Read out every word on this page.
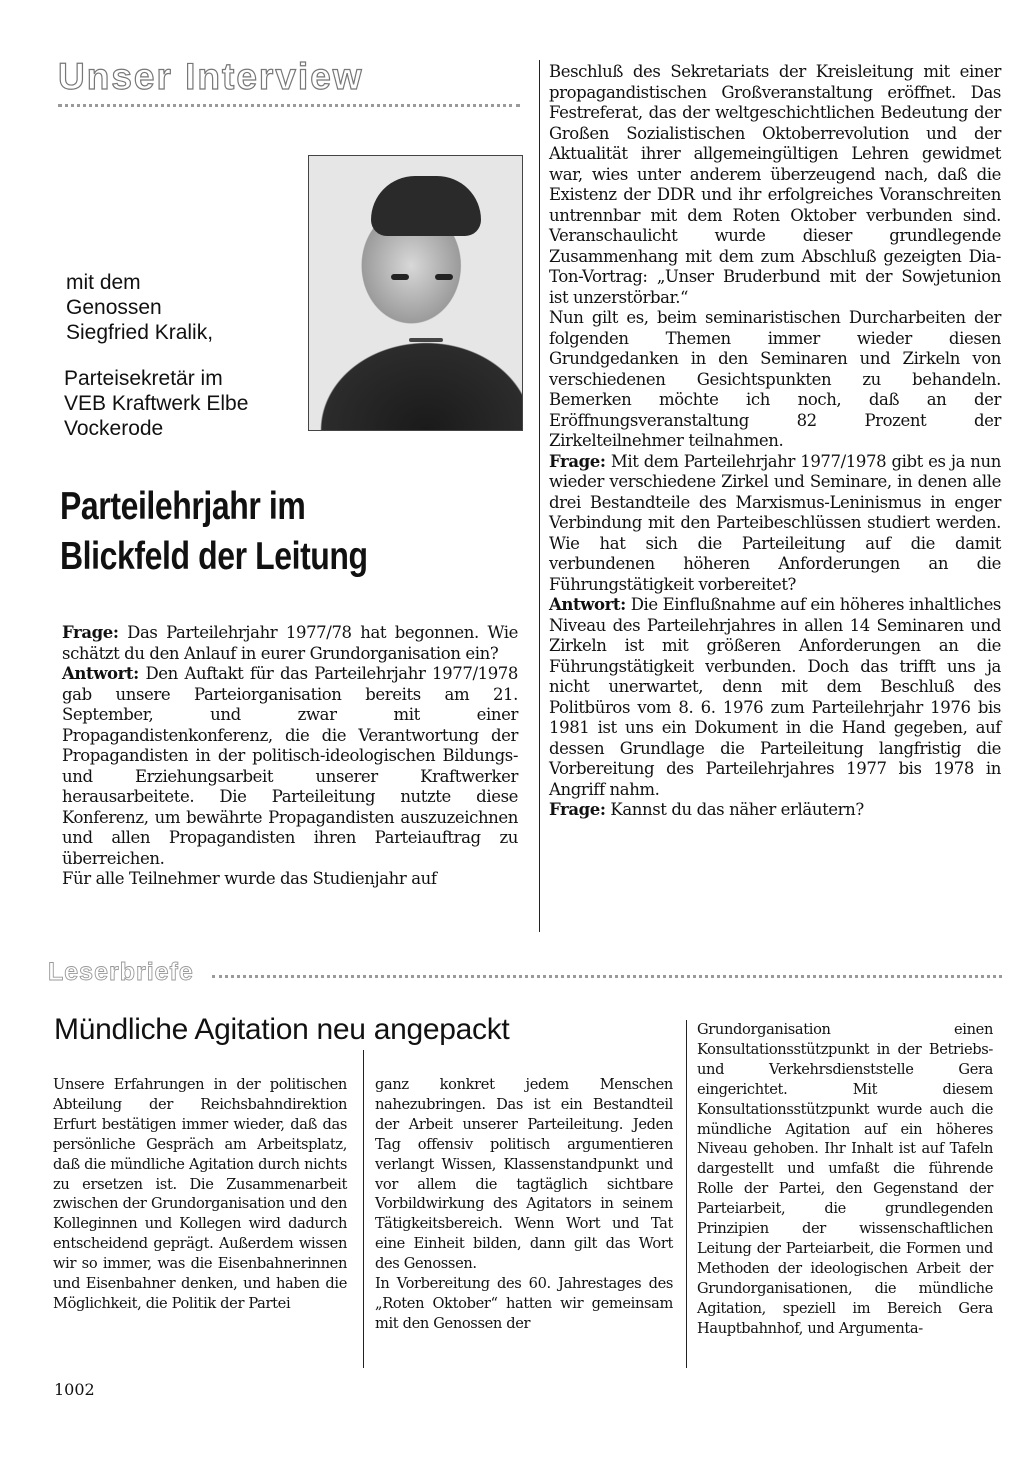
Unser Interview
mit dem
Genossen
Siegfried Kralik,
Parteisekretär im
VEB Kraftwerk Elbe
Vockerode
Parteilehrjahr im
Blickfeld der Leitung

Frage: Das Parteilehrjahr 1977/78 hat begonnen. Wie schätzt du den Anlauf in eurer Grundorganisation ein?

Antwort: Den Auftakt für das Parteilehrjahr 1977/1978 gab unsere Parteiorganisation bereits am 21. September, und zwar mit einer Propagandistenkonferenz, die die Verantwortung der Propagandisten in der politisch-ideologischen Bildungs- und Erziehungsarbeit unserer Kraftwerker herausarbeitete. Die Parteileitung nutzte diese Konferenz, um bewährte Propagandisten auszuzeichnen und allen Propagandisten ihren Parteiauftrag zu überreichen.

Für alle Teilnehmer wurde das Studienjahr auf

Beschluß des Sekretariats der Kreisleitung mit einer propagandistischen Großveranstaltung eröffnet. Das Festreferat, das der weltgeschichtlichen Bedeutung der Großen Sozialistischen Oktoberrevolution und der Aktualität ihrer allgemeingültigen Lehren gewidmet war, wies unter anderem überzeugend nach, daß die Existenz der DDR und ihr erfolgreiches Voranschreiten untrennbar mit dem Roten Oktober verbunden sind. Veranschaulicht wurde dieser grundlegende Zusammenhang mit dem zum Abschluß gezeigten Dia-Ton-Vortrag: „Unser Bruderbund mit der Sowjetunion ist unzerstörbar.“

Nun gilt es, beim seminaristischen Durcharbeiten der folgenden Themen immer wieder diesen Grundgedanken in den Seminaren und Zirkeln von verschiedenen Gesichtspunkten zu behandeln. Bemerken möchte ich noch, daß an der Eröffnungsveranstaltung 82 Prozent der Zirkelteilnehmer teilnahmen.

Frage: Mit dem Parteilehrjahr 1977/1978 gibt es ja nun wieder verschiedene Zirkel und Seminare, in denen alle drei Bestandteile des Marxismus-Leninismus in enger Verbindung mit den Parteibeschlüssen studiert werden. Wie hat sich die Parteileitung auf die damit verbundenen höheren Anforderungen an die Führungstätigkeit vorbereitet?

Antwort: Die Einflußnahme auf ein höheres inhaltliches Niveau des Parteilehrjahres in allen 14 Seminaren und Zirkeln ist mit größeren Anforderungen an die Führungstätigkeit verbunden. Doch das trifft uns ja nicht unerwartet, denn mit dem Beschluß des Politbüros vom 8. 6. 1976 zum Parteilehrjahr 1976 bis 1981 ist uns ein Dokument in die Hand gegeben, auf dessen Grundlage die Parteileitung langfristig die Vorbereitung des Parteilehrjahres 1977 bis 1978 in Angriff nahm.

Frage: Kannst du das näher erläutern?

Leserbriefe
Mündliche Agitation neu angepackt

Unsere Erfahrungen in der politischen Abteilung der Reichsbahndirektion Erfurt bestätigen immer wieder, daß das persönliche Gespräch am Arbeitsplatz, daß die mündliche Agitation durch nichts zu ersetzen ist. Die Zusammenarbeit zwischen der Grundorganisation und den Kolleginnen und Kollegen wird dadurch entscheidend geprägt. Außerdem wissen wir so immer, was die Eisenbahnerinnen und Eisenbahner denken, und haben die Möglichkeit, die Politik der Partei

ganz konkret jedem Menschen nahezubringen. Das ist ein Bestandteil der Arbeit unserer Parteileitung. Jeden Tag offensiv politisch argumentieren verlangt Wissen, Klassenstandpunkt und vor allem die tagtäglich sichtbare Vorbildwirkung des Agitators in seinem Tätigkeitsbereich. Wenn Wort und Tat eine Einheit bilden, dann gilt das Wort des Genossen.

In Vorbereitung des 60. Jahrestages des „Roten Oktober“ hatten wir gemeinsam mit den Genossen der

Grundorganisation einen Konsultationsstützpunkt in der Betriebs- und Verkehrsdienststelle Gera eingerichtet. Mit diesem Konsultationsstützpunkt wurde auch die mündliche Agitation auf ein höheres Niveau gehoben. Ihr Inhalt ist auf Tafeln dargestellt und umfaßt die führende Rolle der Partei, den Gegenstand der Parteiarbeit, die grundlegenden Prinzipien der wissenschaftlichen Leitung der Parteiarbeit, die Formen und Methoden der ideologischen Arbeit der Grundorganisationen, die mündliche Agitation, speziell im Bereich Gera Hauptbahnhof, und Argumenta-

1002
